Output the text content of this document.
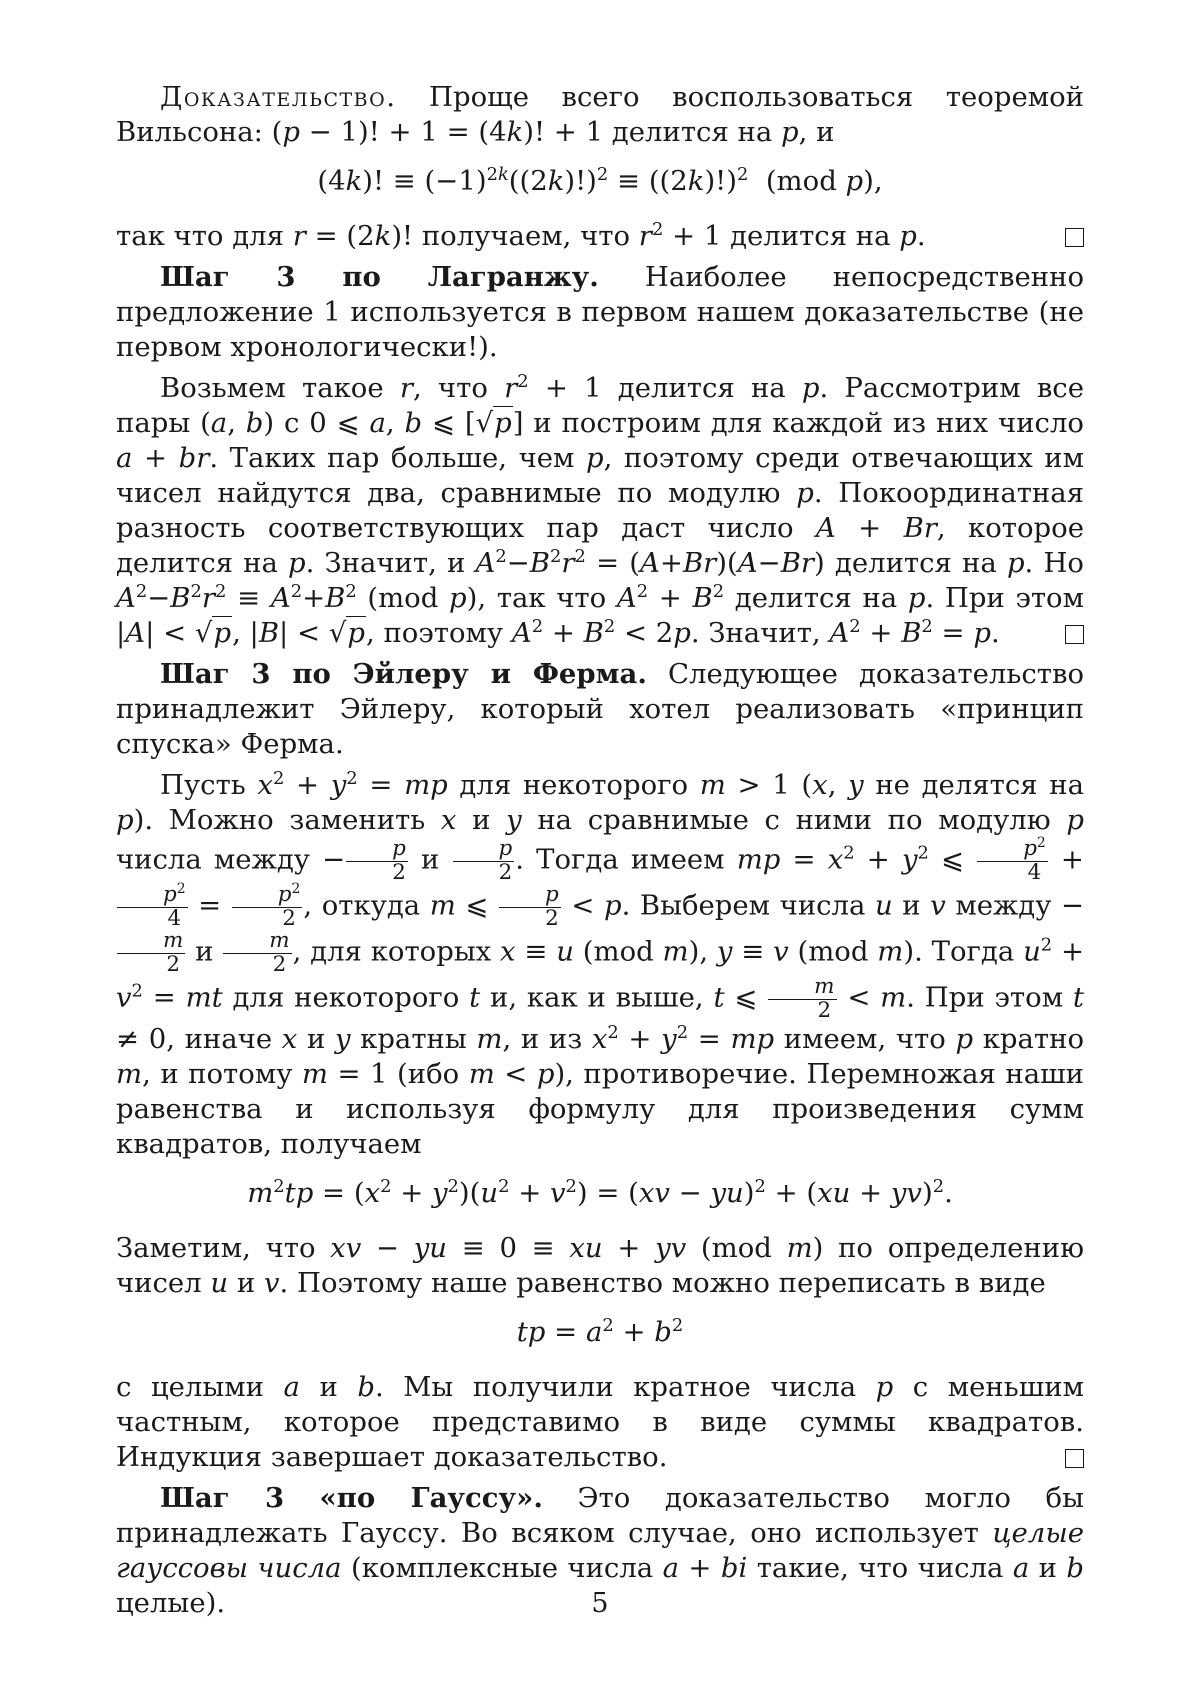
Доказательство. Проще всего воспользоваться теоремой Вильсона: (p − 1)! + 1 = (4k)! + 1 делится на p, и

(4k)! ≡ $(-1)^{2k}((2k)!)^2 \equiv ((2k)!)^2$  (mod p),

так что для r = (2k)! получаем, что $r^2 + 1$ делится на p.

Шаг 3 по Лагранжу. Наиболее непосредственно предложение 1 используется в первом нашем доказательстве (не первом хронологически!).

Возьмем такое r, что $r^2 + 1$ делится на p. Рассмотрим все пары (a, b) с 0 ⩽ a, b ⩽ [√p] и построим для каждой из них число a + br. Таких пар больше, чем p, поэтому среди отвечающих им чисел найдутся два, сравнимые по модулю p. Покоординатная разность соответствующих пар даст число A + Br, которое делится на p. Значит, и $A^2-B^2r^2 = (A+Br)(A-Br)$ делится на p. Но $A^2-B^2r^2 \equiv A^2+B^2$ (mod p), так что $A^2 + B^2$ делится на p. При этом |A| < √p, |B| < √p, поэтому $A^2 + B^2 < 2p$. Значит, $A^2 + B^2 = p$.

Шаг 3 по Эйлеру и Ферма. Следующее доказательство принадлежит Эйлеру, который хотел реализовать «принцип спуска» Ферма.

Пусть $x^2 + y^2$ = mp для некоторого m > 1 (x, y не делятся на p). Можно заменить x и y на сравнимые с ними по модулю p числа между − $\frac{p}{2}$ и $\frac{p}{2}$ . Тогда имеем mp = $x^2 + y^2$ ⩽ $\frac{p^2}{4}$ +
$\frac{p^2}{4} = \frac{p^2}{2}$ , откуда m ⩽ $\frac{p}{2} < p$. Выберем числа u и v между −
$\frac{m}{2}$ и $\frac{m}{2}$ , для которых x ≡ u (mod m), y ≡ v (mod m). Тогда $u^2 + v^2$ = mt для некоторого t и, как и выше, t ⩽ $\frac{m}{2} < m$. При этом t ≠ 0, иначе x и y кратны m, и из $x^2 + y^2$ = mp имеем, что p кратно m, и потому m = 1 (ибо m < p), противоречие. Перемножая наши равенства и используя формулу для произведения сумм квадратов, получаем

$m^2tp = (x^2 + y^2)(u^2 + v^2) = (xv - yu)^2 + (xu + yv)^2$.

Заметим, что xv − yu ≡ 0 ≡ xu + yv (mod m) по определению чисел u и v. Поэтому наше равенство можно переписать в виде

tp = $a^2 + b^2$

с целыми a и b. Мы получили кратное числа p с меньшим частным, которое представимо в виде суммы квадратов. Индукция завершает доказательство.

Шаг 3 «по Гауссу». Это доказательство могло бы принадлежать Гауссу. Во всяком случае, оно использует целые гауссовы числа (комплексные числа a + bi такие, что числа a и b целые).	5
